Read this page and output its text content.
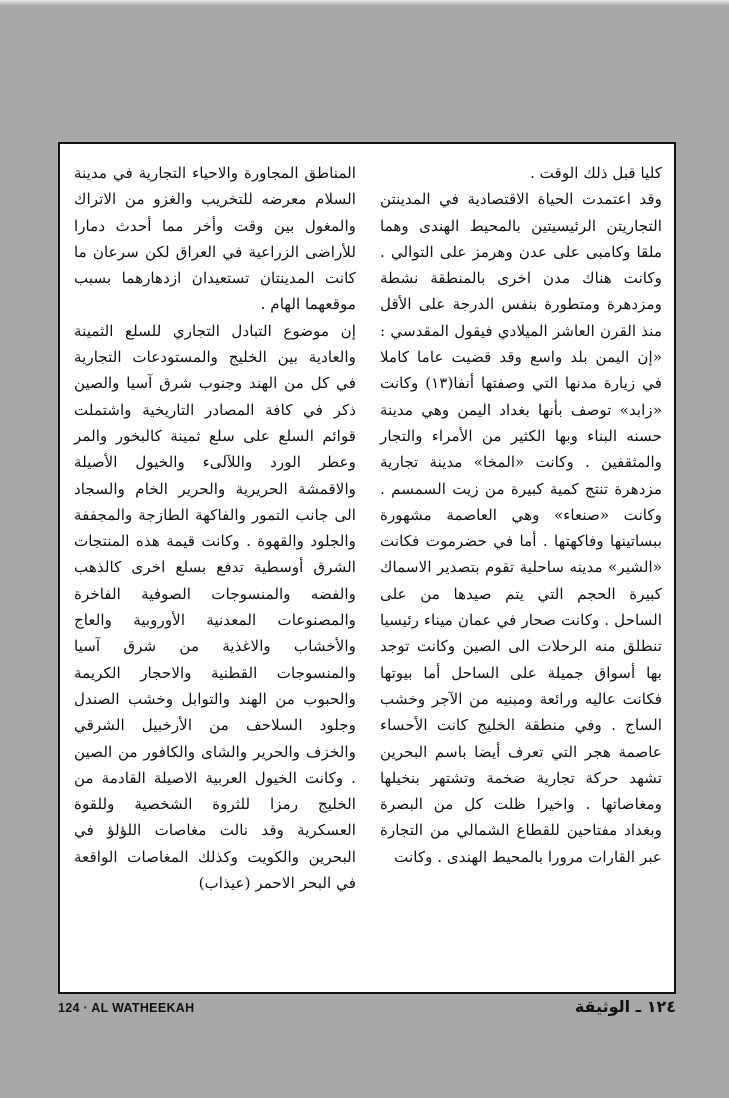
كليا قبل ذلك الوقت .

وقد اعتمدت الحياة الاقتصادية في المدينتن التجاريتن الرئيسيتين بالمحيط الهندى وهما ملقا وكامبى على عدن وهرمز على التوالي . وكانت هناك مدن اخرى بالمنطقة نشطة ومزدهرة ومتطورة بنفس الدرجة على الأقل منذ القرن العاشر الميلادي فيقول المقدسي : «إن اليمن بلد واسع وقد قضيت عاما كاملا في زيارة مدنها التي وصفتها أنفا(١٣) وكانت «زابد» توصف بأنها بغداد اليمن وهي مدينة حسنه البناء وبها الكثير من الأمراء والتجار والمثقفين . وكانت «المخا» مدينة تجارية مزدهرة تنتج كمية كبيرة من زيت السمسم . وكانت «صنعاء» وهي العاصمة مشهورة ببساتينها وفاكهتها . أما في حضرموت فكانت «الشير» مدينه ساحلية تقوم بتصدير الاسماك كبيرة الحجم التي يتم صيدها من على الساحل . وكانت صحار في عمان ميناء رئيسيا تنطلق منه الرحلات الى الصين وكانت توجد بها أسواق جميلة على الساحل أما بيوتها فكانت عاليه ورائعة ومبنيه من الآجر وخشب الساج . وفي منطقة الخليج كانت الأحساء عاصمة هجر التي تعرف أيضا باسم البحرين تشهد حركة تجارية ضخمة وتشتهر بنخيلها ومغاصاتها . واخيرا ظلت كل من البصرة وبغداد مفتاحين للقطاع الشمالي من التجارة عبر القارات مرورا بالمحيط الهندى . وكانت

المناطق المجاورة والاحياء التجارية في مدينة السلام معرضه للتخريب والغزو من الاتراك والمغول بين وقت وأخر مما أحدث دمارا للأراضى الزراعية في العراق لكن سرعان ما كانت المدينتان تستعيدان ازدهارهما بسبب موقعهما الهام .

إن موضوع التبادل التجاري للسلع الثمينة والعادية بين الخليج والمستودعات التجارية في كل من الهند وجنوب شرق آسيا والصين ذكر في كافة المصادر التاريخية واشتملت قوائم السلع على سلع ثمينة كالبخور والمر وعطر الورد واللآلىء والخيول الأصيلة والاقمشة الحريرية والحرير الخام والسجاد الى جانب التمور والفاكهة الطازجة والمجففة والجلود والقهوة . وكانت قيمة هذه المنتجات الشرق أوسطية تدفع بسلع اخرى كالذهب والفضه والمنسوجات الصوفية الفاخرة والمصنوعات المعدنية الأوروبية والعاج والأخشاب والاغذية من شرق آسيا والمنسوجات القطنية والاحجار الكريمة والحبوب من الهند والتوابل وخشب الصندل وجلود السلاحف من الأرخبيل الشرقي والخزف والحرير والشاى والكافور من الصين . وكانت الخيول العربية الاصيلة القادمة من الخليج رمزا للثروة الشخصية وللقوة العسكرية وقد نالت مغاصات اللؤلؤ في البحرين والكويت وكذلك المغاصات الواقعة في البحر الاحمر (عيذاب)

124 · AL WATHEEKAH	١٢٤ ـ الوثيقة
